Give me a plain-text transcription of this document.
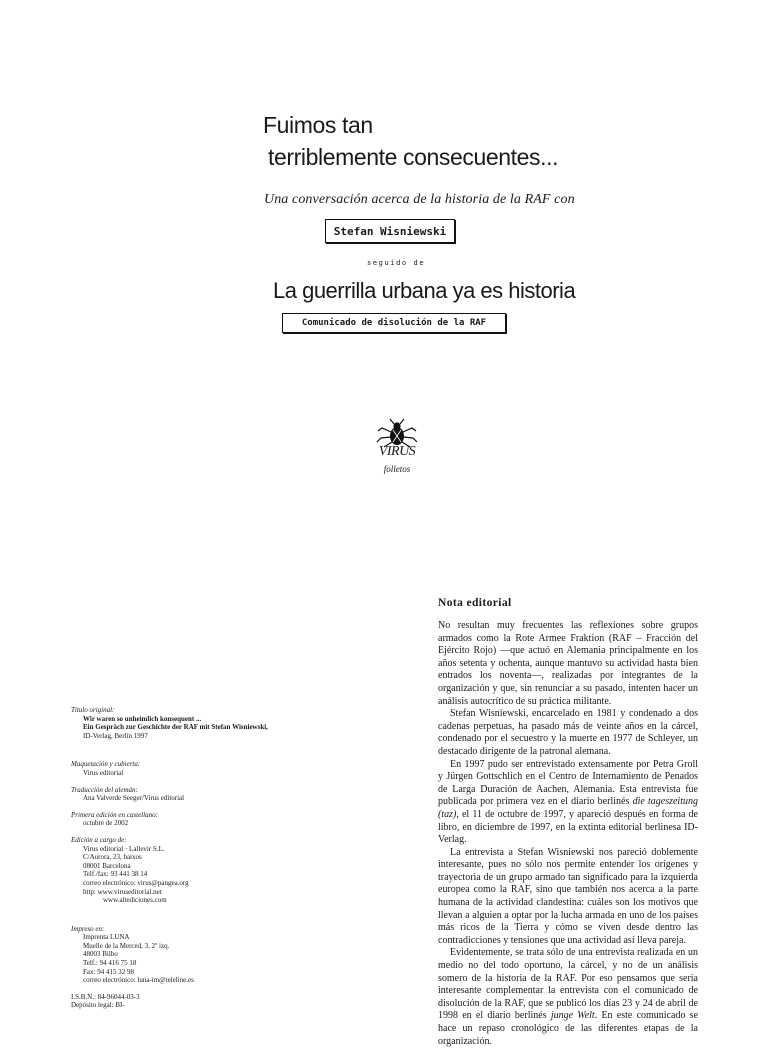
Fuimos tan
terriblemente consecuentes...
Una conversación acerca de la historia de la RAF con
Stefan Wisniewski
seguido de
La guerrilla urbana ya es historia
Comunicado de disolución de la RAF
VIRUS
folletos
Título original:
Wir waren so unheimlich konsequent ...
Ein Gespräch zur Geschichte der RAF mit Stefan Wisniewski,
ID-Verlag, Berlín 1997
Maquetación y cubierta:
Virus editorial
Traducción del alemán:
Ana Valverde Seeger/Virus editorial
Primera edición en castellano:
octubre de 2002
Edición a cargo de:
Virus editorial · Lallevir S.L.
C/Aurora, 23, baixos
08001 Barcelona
Telf./fax: 93 441 38 14
correo electrónico: virus@pangea.org
http: www.viruseditorial.net
www.altediciones.com
Impreso en:
Imprenta LUNA
Muelle de la Merced, 3, 2º izq.
48003 Bilbo
Telf.: 94 416 75 18
Fax: 94 415 32 98
correo electrónico: luna-im@teleline.es
I.S.B.N.: 84-96044-03-3
Depósito legal: BI-
Nota editorial

No resultan muy frecuentes las reflexiones sobre grupos armados como la Rote Armee Fraktion (RAF – Fracción del Ejército Rojo) —que actuó en Alemania principalmente en los años setenta y ochenta, aunque mantuvo su actividad hasta bien entrados los noventa—, realizadas por integrantes de la organización y que, sin renunciar a su pasado, intenten hacer un análisis autocrítico de su práctica militante.

Stefan Wisniewski, encarcelado en 1981 y condenado a dos cadenas perpetuas, ha pasado más de veinte años en la cárcel, condenado por el secuestro y la muerte en 1977 de Schleyer, un destacado dirigente de la patronal alemana.

En 1997 pudo ser entrevistado extensamente por Petra Groll y Jürgen Gottschlich en el Centro de Internamiento de Penados de Larga Duración de Aachen, Alemania. Esta entrevista fue publicada por primera vez en el diario berlinés die tageszeitung (taz), el 11 de octubre de 1997, y apareció después en forma de libro, en diciembre de 1997, en la extinta editorial berlinesa ID-Verlag.

La entrevista a Stefan Wisniewski nos pareció doblemente interesante, pues no sólo nos permite entender los orígenes y trayectoria de un grupo armado tan significado para la izquierda europea como la RAF, sino que también nos acerca a la parte humana de la actividad clandestina: cuáles son los motivos que llevan a alguien a optar por la lucha armada en uno de los países más ricos de la Tierra y cómo se viven desde dentro las contradicciones y tensiones que una actividad así lleva pareja.

Evidentemente, se trata sólo de una entrevista realizada en un medio no del todo oportuno, la cárcel, y no de un análisis somero de la historia de la RAF. Por eso pensamos que sería interesante complementar la entrevista con el comunicado de disolución de la RAF, que se publicó los días 23 y 24 de abril de 1998 en el diario berlinés junge Welt. En este comunicado se hace un repaso cronológico de las diferentes etapas de la organización.
